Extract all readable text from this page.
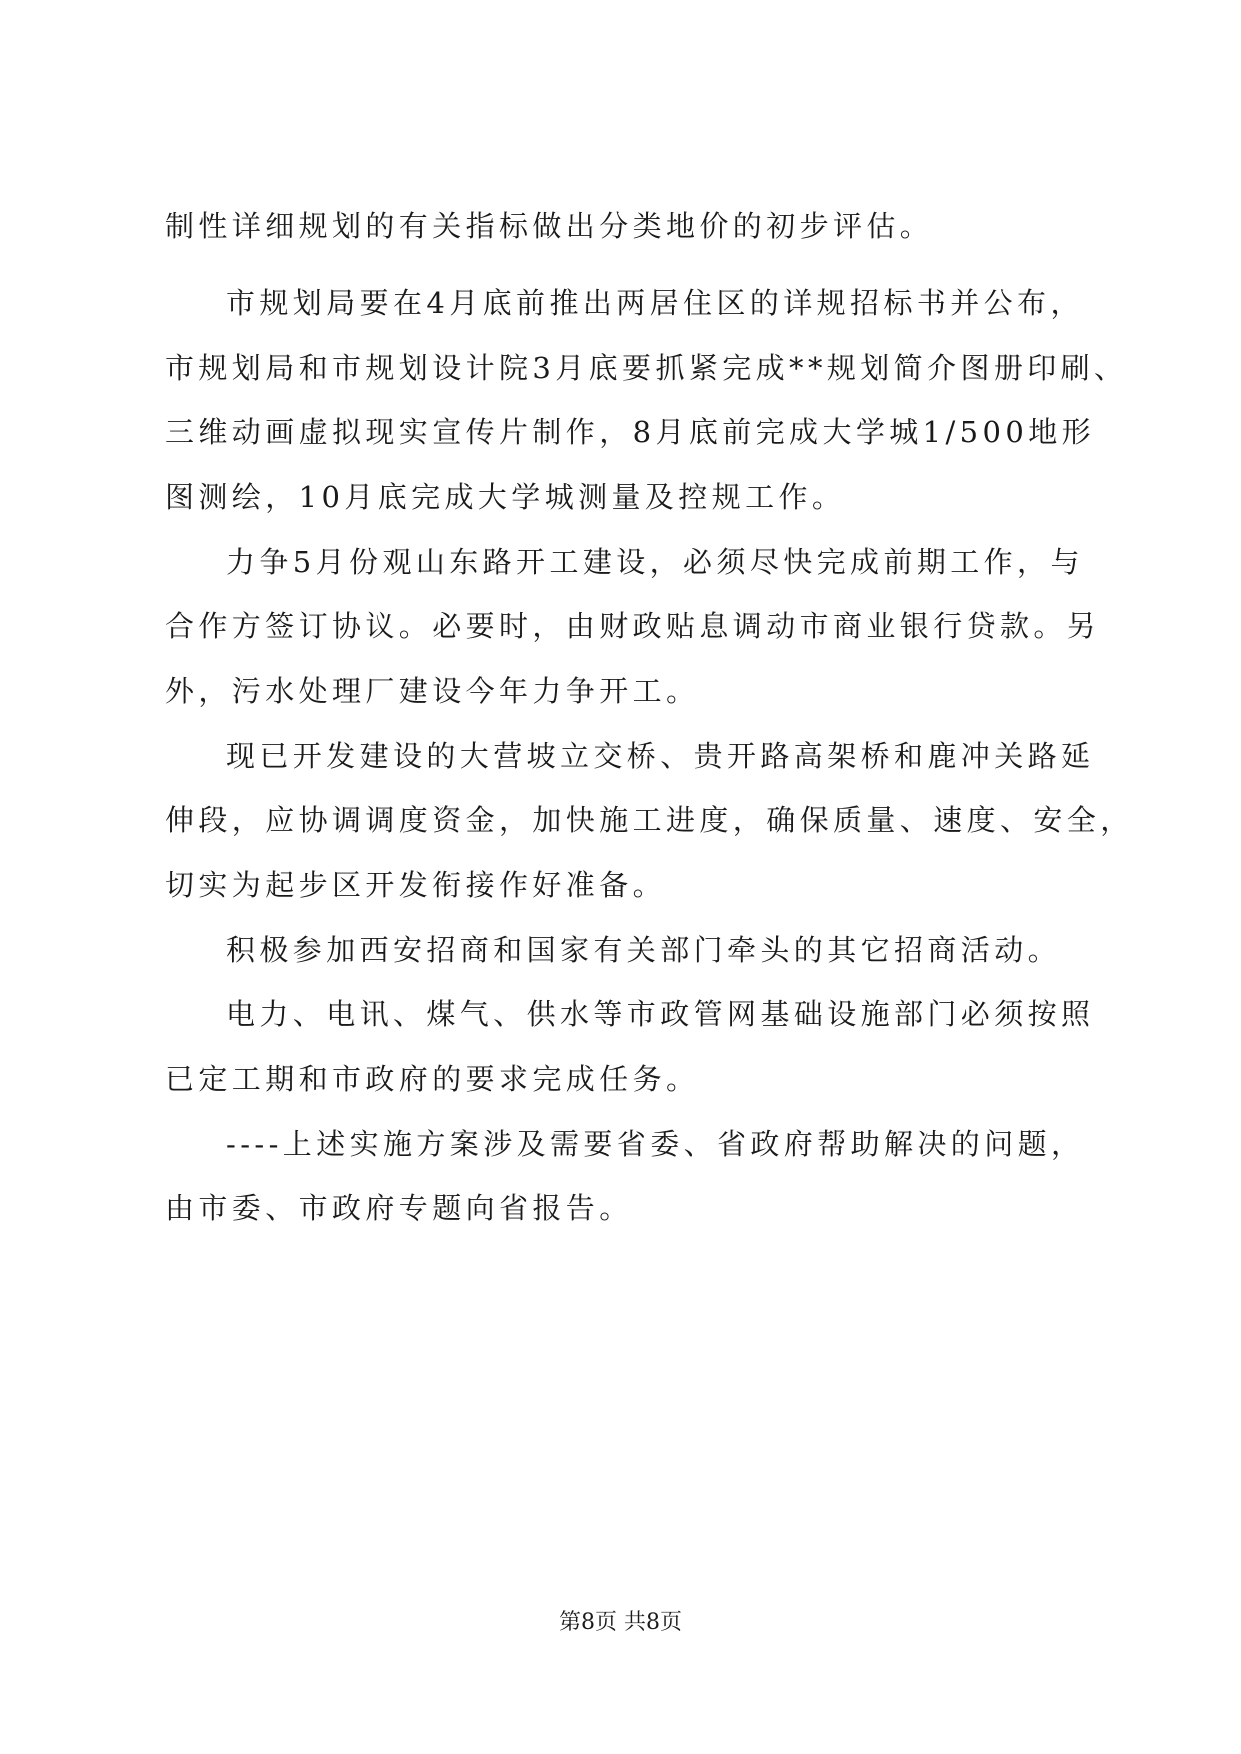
制性详细规划的有关指标做出分类地价的初步评估。
市规划局要在4月底前推出两居住区的详规招标书并公布，
市规划局和市规划设计院3月底要抓紧完成**规划简介图册印刷、
三维动画虚拟现实宣传片制作，8月底前完成大学城1/500地形
图测绘，10月底完成大学城测量及控规工作。
力争5月份观山东路开工建设，必须尽快完成前期工作，与
合作方签订协议。必要时，由财政贴息调动市商业银行贷款。另
外，污水处理厂建设今年力争开工。
现已开发建设的大营坡立交桥、贵开路高架桥和鹿冲关路延
伸段，应协调调度资金，加快施工进度，确保质量、速度、安全，
切实为起步区开发衔接作好准备。
积极参加西安招商和国家有关部门牵头的其它招商活动。
电力、电讯、煤气、供水等市政管网基础设施部门必须按照
已定工期和市政府的要求完成任务。
----上述实施方案涉及需要省委、省政府帮助解决的问题，
由市委、市政府专题向省报告。
第8页 共8页
